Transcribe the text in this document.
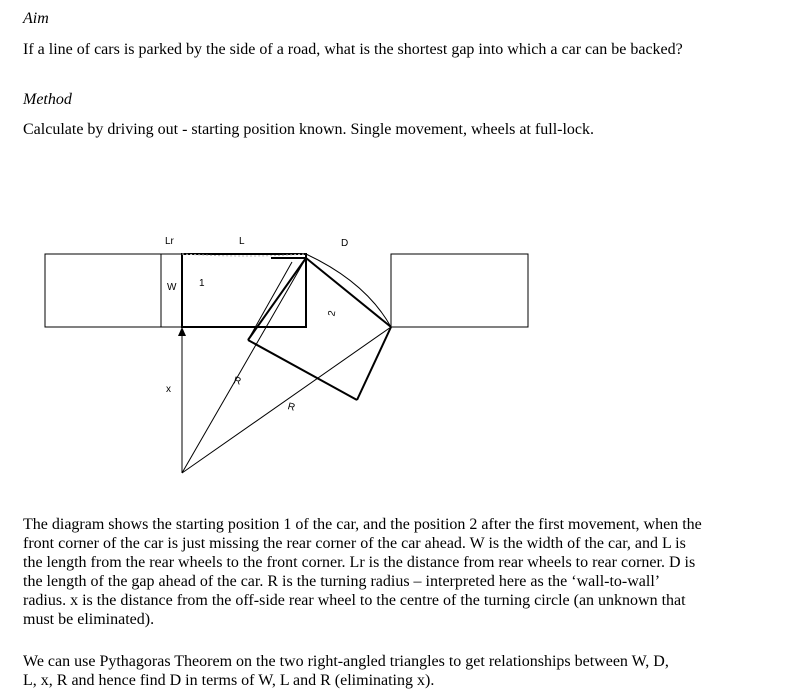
Aim

If a line of cars is parked by the side of a road, what is the shortest gap into which a car can be backed?

Method

Calculate by driving out - starting position known. Single movement, wheels at full-lock.

Lr	L	D
W 1
2
x
R
R

The diagram shows the starting position 1 of the car, and the position 2 after the first movement, when the front corner of the car is just missing the rear corner of the car ahead. W is the width of the car, and L is the length from the rear wheels to the front corner. Lr is the distance from rear wheels to rear corner. D is the length of the gap ahead of the car. R is the turning radius – interpreted here as the ‘wall-to-wall’ radius. x is the distance from the off-side rear wheel to the centre of the turning circle (an unknown that must be eliminated).

We can use Pythagoras Theorem on the two right-angled triangles to get relationships between W, D, L, x, R and hence find D in terms of W, L and R (eliminating x).
